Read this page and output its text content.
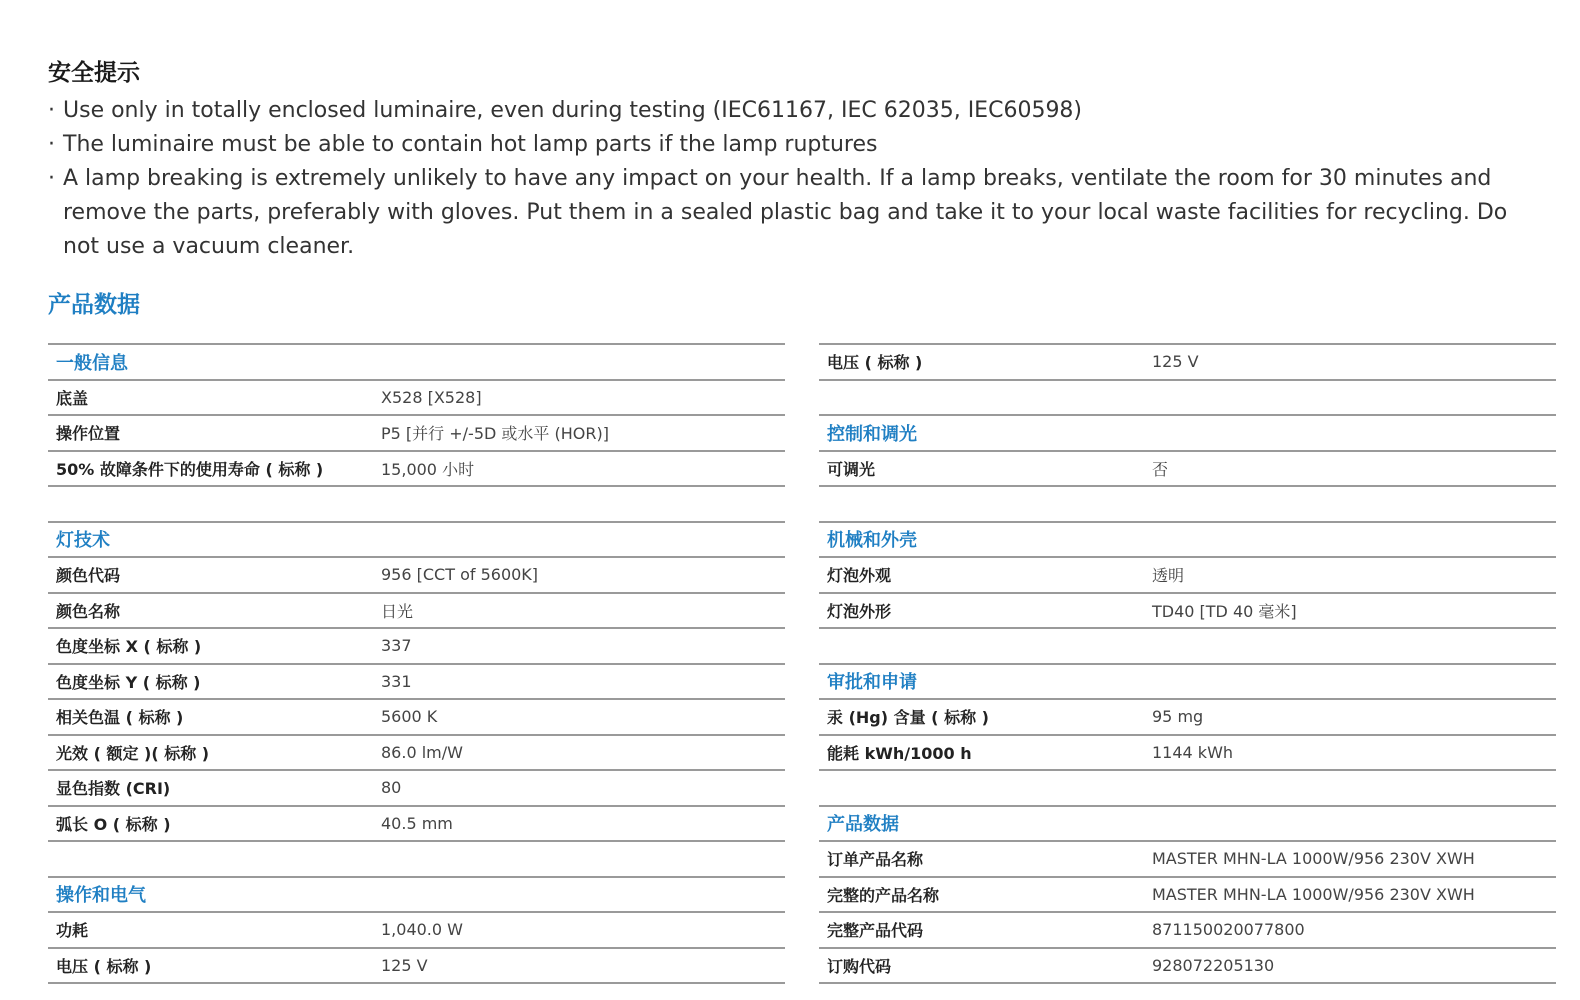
安全提示
· Use only in totally enclosed luminaire, even during testing (IEC61167, IEC 62035, IEC60598)
· The luminaire must be able to contain hot lamp parts if the lamp ruptures
· A lamp breaking is extremely unlikely to have any impact on your health. If a lamp breaks, ventilate the room for 30 minutes and remove the parts, preferably with gloves. Put them in a sealed plastic bag and take it to your local waste facilities for recycling. Do not use a vacuum cleaner.
产品数据
一般信息
底盖	X528 [X528]
操作位置	P5 [并行 +/-5D 或水平 (HOR)]
50% 故障条件下的使用寿命 ( 标称 )	15,000 小时
灯技术
颜色代码	956 [CCT of 5600K]
颜色名称	日光
色度坐标 X ( 标称 )	337
色度坐标 Y ( 标称 )	331
相关色温 ( 标称 )	5600 K
光效 ( 额定 )( 标称 )	86.0 lm/W
显色指数 (CRI)	80
弧长 O ( 标称 )	40.5 mm
操作和电气
功耗	1,040.0 W
电压 ( 标称 )	125 V
电压 ( 标称 )	125 V
控制和调光
可调光	否
机械和外壳
灯泡外观	透明
灯泡外形	TD40 [TD 40 毫米]
审批和申请
汞 (Hg) 含量 ( 标称 )	95 mg
能耗 kWh/1000 h	1144 kWh
产品数据
订单产品名称	MASTER MHN-LA 1000W/956 230V XWH
完整的产品名称	MASTER MHN-LA 1000W/956 230V XWH
完整产品代码	871150020077800
订购代码	928072205130
